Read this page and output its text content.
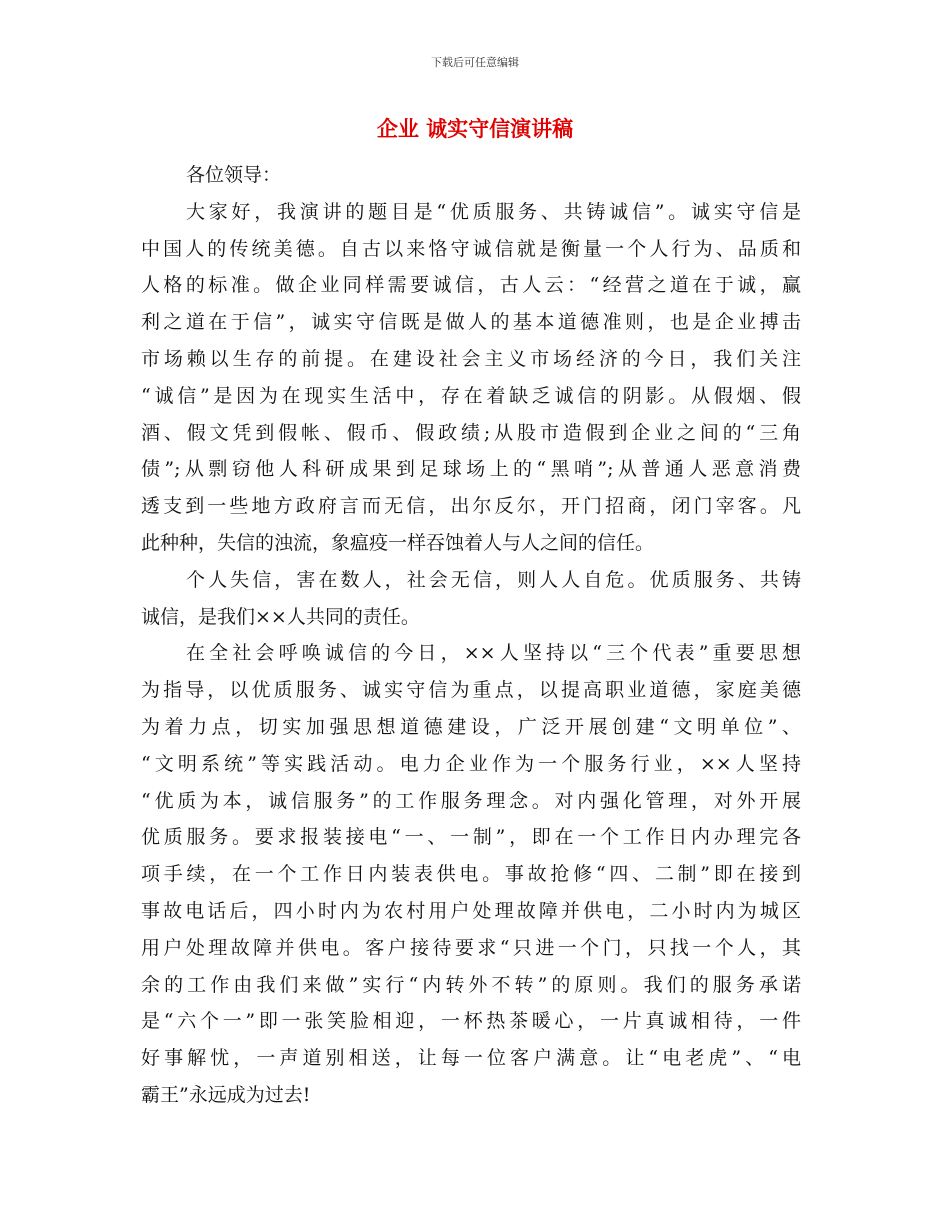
下载后可任意编辑
企业 诚实守信演讲稿
各位领导：
大家好，我演讲的题目是“优质服务、共铸诚信”。诚实守信是
中国人的传统美德。自古以来恪守诚信就是衡量一个人行为、品质和
人格的标准。做企业同样需要诚信，古人云：“经营之道在于诚，赢
利之道在于信”，诚实守信既是做人的基本道德准则，也是企业搏击
市场赖以生存的前提。在建设社会主义市场经济的今日，我们关注
“诚信”是因为在现实生活中，存在着缺乏诚信的阴影。从假烟、假
酒、假文凭到假帐、假币、假政绩;从股市造假到企业之间的“三角
债”;从剽窃他人科研成果到足球场上的“黑哨”;从普通人恶意消费
透支到一些地方政府言而无信，出尔反尔，开门招商，闭门宰客。凡
此种种，失信的浊流，象瘟疫一样吞蚀着人与人之间的信任。
个人失信，害在数人，社会无信，则人人自危。优质服务、共铸
诚信，是我们××人共同的责任。
在全社会呼唤诚信的今日，××人坚持以“三个代表”重要思想
为指导，以优质服务、诚实守信为重点，以提高职业道德，家庭美德
为着力点，切实加强思想道德建设，广泛开展创建“文明单位”、
“文明系统”等实践活动。电力企业作为一个服务行业，××人坚持
“优质为本，诚信服务”的工作服务理念。对内强化管理，对外开展
优质服务。要求报装接电“一、一制”，即在一个工作日内办理完各
项手续，在一个工作日内装表供电。事故抢修“四、二制”即在接到
事故电话后，四小时内为农村用户处理故障并供电，二小时内为城区
用户处理故障并供电。客户接待要求“只进一个门，只找一个人，其
余的工作由我们来做”实行“内转外不转”的原则。我们的服务承诺
是“六个一”即一张笑脸相迎，一杯热茶暖心，一片真诚相待，一件
好事解忧，一声道别相送，让每一位客户满意。让“电老虎”、“电
霸王”永远成为过去!
